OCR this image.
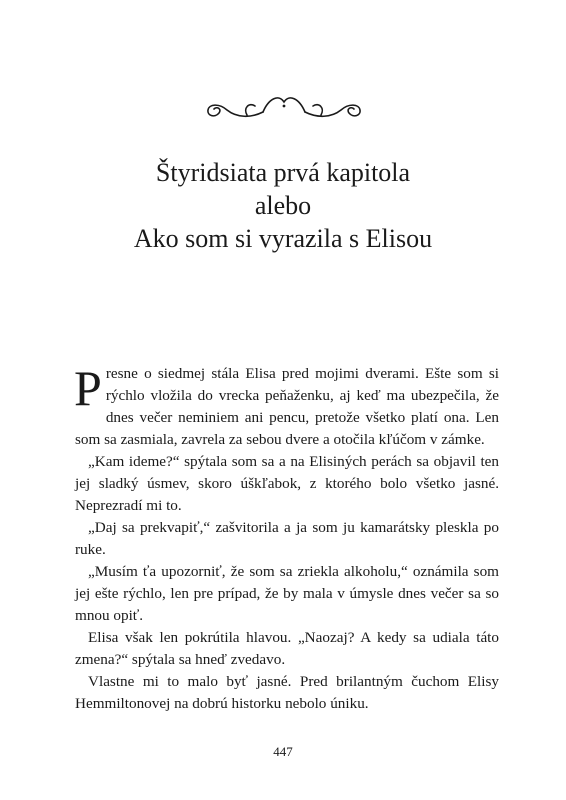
Štyridsiata prvá kapitola
alebo
Ako som si vyrazila s Elisou

Presne o siedmej stála Elisa pred mojimi dverami. Ešte som si rýchlo vložila do vrecka peňaženku, aj keď ma ubezpečila, že dnes večer neminiem ani pencu, pretože všetko platí ona. Len som sa zasmiala, zavrela za sebou dvere a otočila kľúčom v zámke.

„Kam ideme?“ spýtala som sa a na Elisiných perách sa objavil ten jej sladký úsmev, skoro úškľabok, z ktorého bolo všetko jasné. Neprezradí mi to.

„Daj sa prekvapiť,“ zašvitorila a ja som ju kamarátsky pleskla po ruke.

„Musím ťa upozorniť, že som sa zriekla alkoholu,“ oznámila som jej ešte rýchlo, len pre prípad, že by mala v úmysle dnes večer sa so mnou opiť.

Elisa však len pokrútila hlavou. „Naozaj? A kedy sa udiala táto zmena?“ spýtala sa hneď zvedavo.

Vlastne mi to malo byť jasné. Pred brilantným čuchom Elisy Hemmiltonovej na dobrú historku nebolo úniku.

447
